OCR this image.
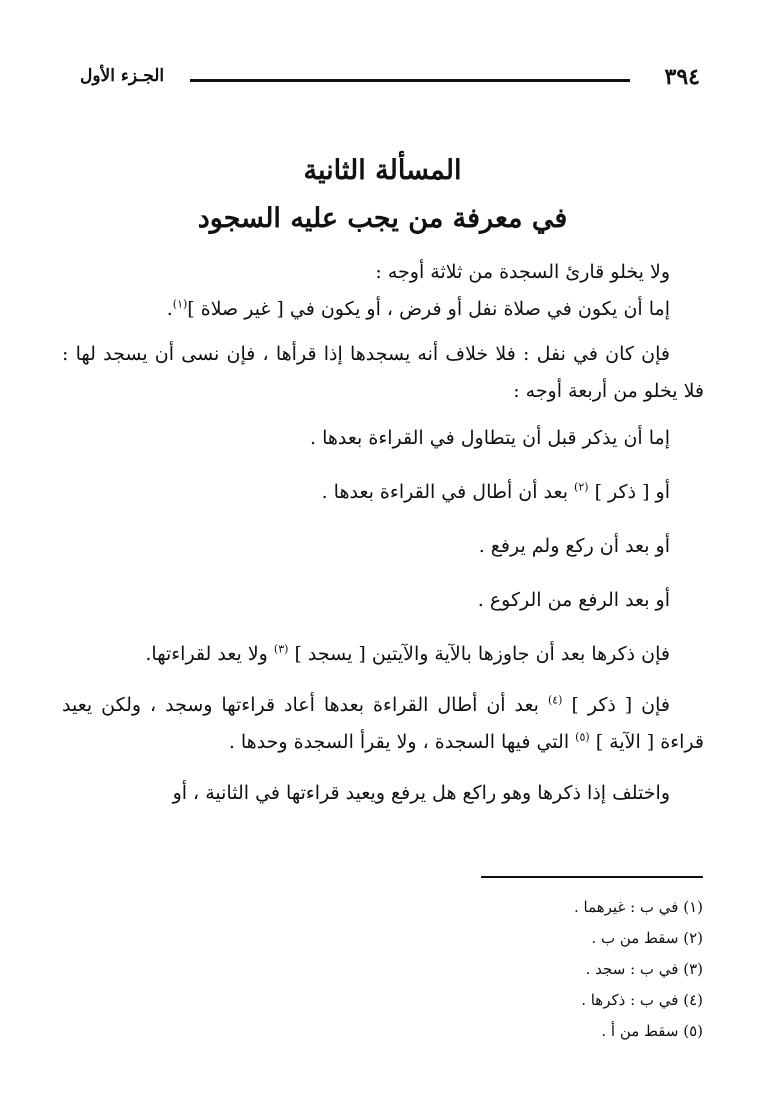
٣٩٤
الجـزء الأول
المسألة الثانية
في معرفة من يجب عليه السجود

ولا يخلو قارئ السجدة من ثلاثة أوجه :

إما أن يكون في صلاة نفل أو فرض ، أو يكون في [ غير صلاة ]$^{(١)}$.

فإن كان في نفل : فلا خلاف أنه يسجدها إذا قرأها ، فإن نسى أن يسجد لها : فلا يخلو من أربعة أوجه :

إما أن يذكر قبل أن يتطاول في القراءة بعدها .

أو [ ذكر ] $^{(٢)}$ بعد أن أطال في القراءة بعدها .

أو بعد أن ركع ولم يرفع .

أو بعد الرفع من الركوع .

فإن ذكرها بعد أن جاوزها بالآية والآيتين [ يسجد ] $^{(٣)}$ ولا يعد لقراءتها.

فإن [ ذكر ] $^{(٤)}$ بعد أن أطال القراءة بعدها أعاد قراءتها وسجد ، ولكن يعيد قراءة [ الآية ] $^{(٥)}$ التي فيها السجدة ، ولا يقرأ السجدة وحدها .

واختلف إذا ذكرها وهو راكع هل يرفع ويعيد قراءتها في الثانية ، أو

(١) في ب : غيرهما .
(٢) سقط من ب .
(٣) في ب : سجد .
(٤) في ب : ذكرها .
(٥) سقط من أ .
